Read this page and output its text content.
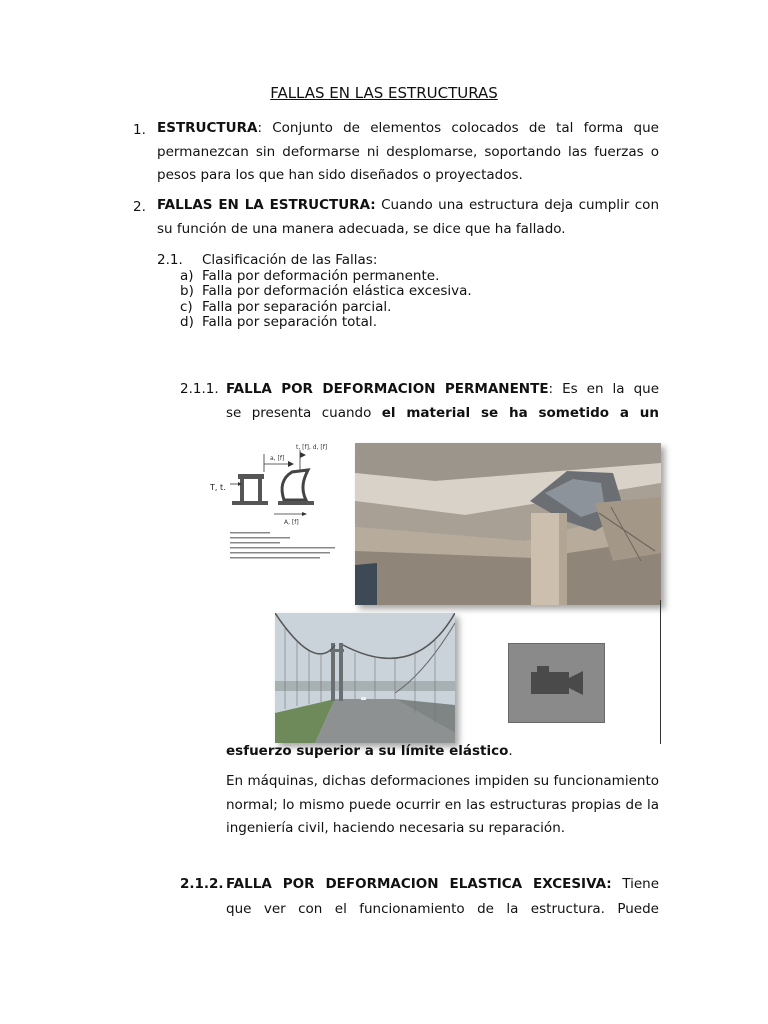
FALLAS EN LAS ESTRUCTURAS
1. ESTRUCTURA: Conjunto de elementos colocados de tal forma que permanezcan sin deformarse ni desplomarse, soportando las fuerzas o pesos para los que han sido diseñados o proyectados.
2. FALLAS EN LA ESTRUCTURA: Cuando una estructura deja cumplir con su función de una manera adecuada, se dice que ha fallado.
2.1. Clasificación de las Fallas:
a) Falla por deformación permanente.
b) Falla por deformación elástica excesiva.
c) Falla por separación parcial.
d) Falla por separación total.
2.1.1. FALLA POR DEFORMACION PERMANENTE: Es en la que
se presenta cuando el material se ha sometido a un
t, [f], d, [f]
a, [f]
T, t.
A, [f]
esfuerzo superior a su límite elástico.
En máquinas, dichas deformaciones impiden su funcionamiento normal; lo mismo puede ocurrir en las estructuras propias de la ingeniería civil, haciendo necesaria su reparación.
2.1.2. FALLA POR DEFORMACION ELASTICA EXCESIVA: Tiene
que ver con el funcionamiento de la estructura. Puede
